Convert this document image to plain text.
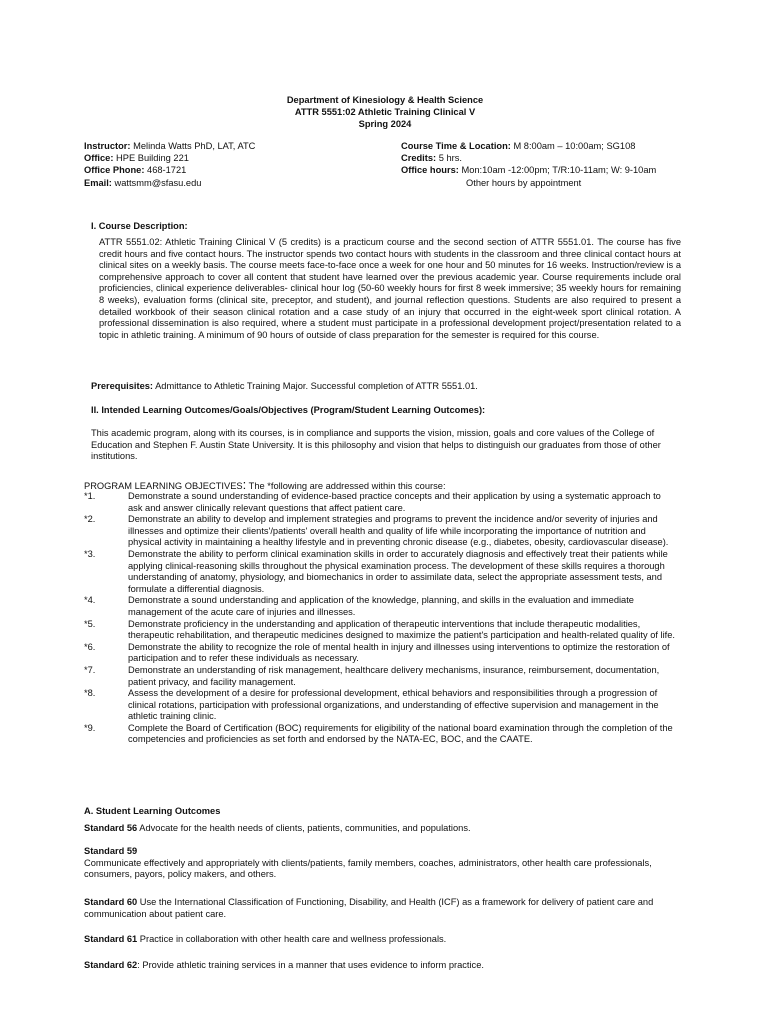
Department of Kinesiology & Health Science
ATTR 5551:02 Athletic Training Clinical V
Spring 2024
Instructor: Melinda Watts PhD, LAT, ATC
Office: HPE Building 221
Office Phone: 468-1721
Email: wattsmm@sfasu.edu
Course Time & Location: M 8:00am – 10:00am; SG108
Credits: 5 hrs.
Office hours: Mon:10am -12:00pm; T/R:10-11am; W: 9-10am
Other hours by appointment
I. Course Description:
ATTR 5551.02: Athletic Training Clinical V (5 credits) is a practicum course and the second section of ATTR 5551.01. The course has five credit hours and five contact hours. The instructor spends two contact hours with students in the classroom and three clinical contact hours at clinical sites on a weekly basis. The course meets face-to-face once a week for one hour and 50 minutes for 16 weeks. Instruction/review is a comprehensive approach to cover all content that student have learned over the previous academic year. Course requirements include oral proficiencies, clinical experience deliverables- clinical hour log (50-60 weekly hours for first 8 week immersive; 35 weekly hours for remaining 8 weeks), evaluation forms (clinical site, preceptor, and student), and journal reflection questions. Students are also required to present a detailed workbook of their season clinical rotation and a case study of an injury that occurred in the eight-week sport clinical rotation. A professional dissemination is also required, where a student must participate in a professional development project/presentation related to a topic in athletic training. A minimum of 90 hours of outside of class preparation for the semester is required for this course.
Prerequisites: Admittance to Athletic Training Major. Successful completion of ATTR 5551.01.
II. Intended Learning Outcomes/Goals/Objectives (Program/Student Learning Outcomes):
This academic program, along with its courses, is in compliance and supports the vision, mission, goals and core values of the College of Education and Stephen F. Austin State University. It is this philosophy and vision that helps to distinguish our graduates from those of other institutions.
PROGRAM LEARNING OBJECTIVES: The *following are addressed within this course:
*1.	Demonstrate a sound understanding of evidence-based practice concepts and their application by using a systematic approach to ask and answer clinically relevant questions that affect patient care.
*2.	Demonstrate an ability to develop and implement strategies and programs to prevent the incidence and/or severity of injuries and illnesses and optimize their clients'/patients' overall health and quality of life while incorporating the importance of nutrition and physical activity in maintaining a healthy lifestyle and in preventing chronic disease (e.g., diabetes, obesity, cardiovascular disease).
*3.	Demonstrate the ability to perform clinical examination skills in order to accurately diagnosis and effectively treat their patients while applying clinical-reasoning skills throughout the physical examination process. The development of these skills requires a thorough understanding of anatomy, physiology, and biomechanics in order to assimilate data, select the appropriate assessment tests, and formulate a differential diagnosis.
*4.	Demonstrate a sound understanding and application of the knowledge, planning, and skills in the evaluation and immediate management of the acute care of injuries and illnesses.
*5.	Demonstrate proficiency in the understanding and application of therapeutic interventions that include therapeutic modalities, therapeutic rehabilitation, and therapeutic medicines designed to maximize the patient's participation and health-related quality of life.
*6.	Demonstrate the ability to recognize the role of mental health in injury and illnesses using interventions to optimize the restoration of participation and to refer these individuals as necessary.
*7.	Demonstrate an understanding of risk management, healthcare delivery mechanisms, insurance, reimbursement, documentation, patient privacy, and facility management.
*8.	Assess the development of a desire for professional development, ethical behaviors and responsibilities through a progression of clinical rotations, participation with professional organizations, and understanding of effective supervision and management in the athletic training clinic.
*9.	Complete the Board of Certification (BOC) requirements for eligibility of the national board examination through the completion of the competencies and proficiencies as set forth and endorsed by the NATA-EC, BOC, and the CAATE.
A. Student Learning Outcomes
Standard 56 Advocate for the health needs of clients, patients, communities, and populations.
Standard 59
Communicate effectively and appropriately with clients/patients, family members, coaches, administrators, other health care professionals, consumers, payors, policy makers, and others.
Standard 60 Use the International Classification of Functioning, Disability, and Health (ICF) as a framework for delivery of patient care and communication about patient care.
Standard 61 Practice in collaboration with other health care and wellness professionals.
Standard 62: Provide athletic training services in a manner that uses evidence to inform practice.
